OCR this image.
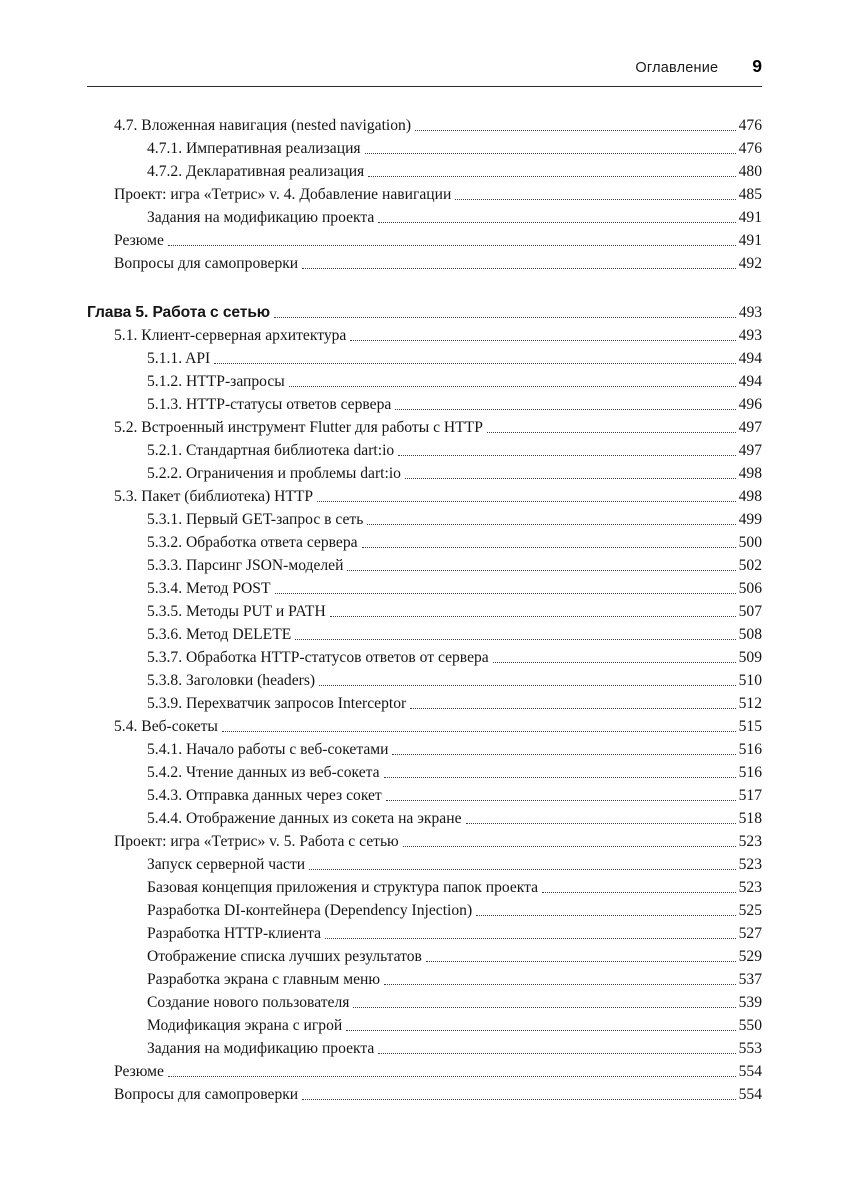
Оглавление 9
4.7. Вложенная навигация (nested navigation)	476
4.7.1. Императивная реализация	476
4.7.2. Декларативная реализация	480
Проект: игра «Тетрис» v. 4. Добавление навигации	485
Задания на модификацию проекта	491
Резюме	491
Вопросы для самопроверки	492
Глава 5. Работа с сетью	493
5.1. Клиент-серверная архитектура	493
5.1.1. API	494
5.1.2. HTTP-запросы	494
5.1.3. HTTP-статусы ответов сервера	496
5.2. Встроенный инструмент Flutter для работы с HTTP	497
5.2.1. Стандартная библиотека dart:io	497
5.2.2. Ограничения и проблемы dart:io	498
5.3. Пакет (библиотека) HTTP	498
5.3.1. Первый GET-запрос в сеть	499
5.3.2. Обработка ответа сервера	500
5.3.3. Парсинг JSON-моделей	502
5.3.4. Метод POST	506
5.3.5. Методы PUT и PATH	507
5.3.6. Метод DELETE	508
5.3.7. Обработка HTTP-статусов ответов от сервера	509
5.3.8. Заголовки (headers)	510
5.3.9. Перехватчик запросов Interceptor	512
5.4. Веб-сокеты	515
5.4.1. Начало работы с веб-сокетами	516
5.4.2. Чтение данных из веб-сокета	516
5.4.3. Отправка данных через сокет	517
5.4.4. Отображение данных из сокета на экране	518
Проект: игра «Тетрис» v. 5. Работа с сетью	523
Запуск серверной части	523
Базовая концепция приложения и структура папок проекта	523
Разработка DI-контейнера (Dependency Injection)	525
Разработка HTTP-клиента	527
Отображение списка лучших результатов	529
Разработка экрана с главным меню	537
Создание нового пользователя	539
Модификация экрана с игрой	550
Задания на модификацию проекта	553
Резюме	554
Вопросы для самопроверки	554
